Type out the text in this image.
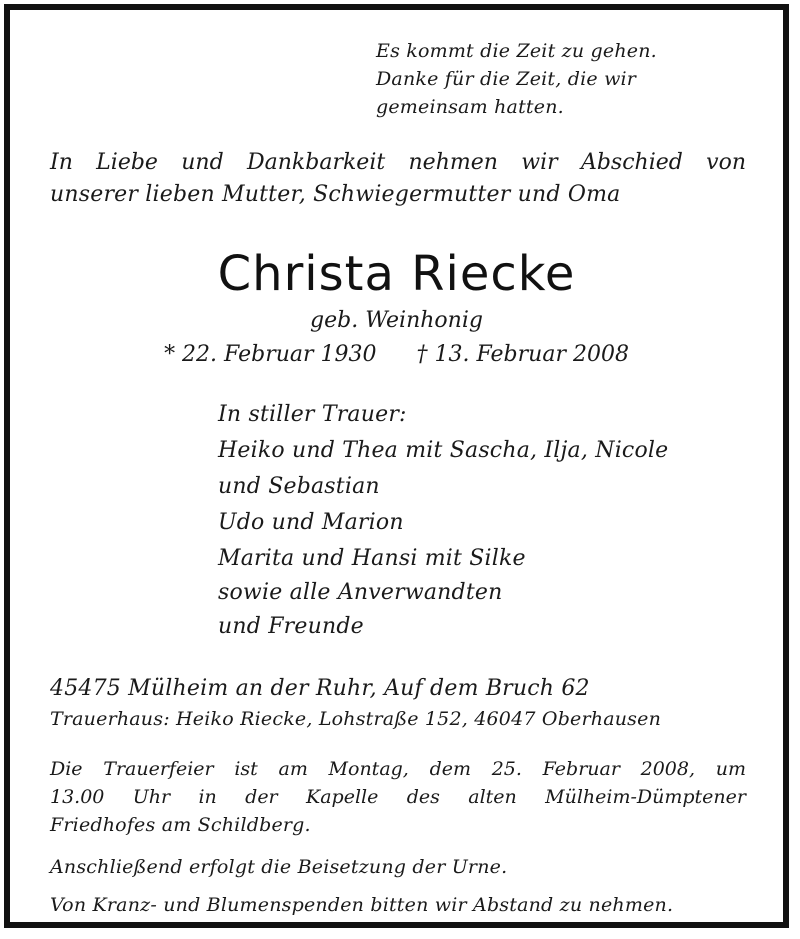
Es kommt die Zeit zu gehen.
Danke für die Zeit, die wir
gemeinsam hatten.
In Liebe und Dankbarkeit nehmen wir Abschied von
unserer lieben Mutter, Schwiegermutter und Oma
Christa Riecke
geb. Weinhonig
* 22. Februar 1930 † 13. Februar 2008
In stiller Trauer:
Heiko und Thea mit Sascha, Ilja, Nicole
und Sebastian
Udo und Marion
Marita und Hansi mit Silke
sowie alle Anverwandten
und Freunde
45475 Mülheim an der Ruhr, Auf dem Bruch 62
Trauerhaus: Heiko Riecke, Lohstraße 152, 46047 Oberhausen
Die Trauerfeier ist am Montag, dem 25. Februar 2008, um
13.00 Uhr in der Kapelle des alten Mülheim-Dümptener
Friedhofes am Schildberg.
Anschließend erfolgt die Beisetzung der Urne.
Von Kranz- und Blumenspenden bitten wir Abstand zu nehmen.
